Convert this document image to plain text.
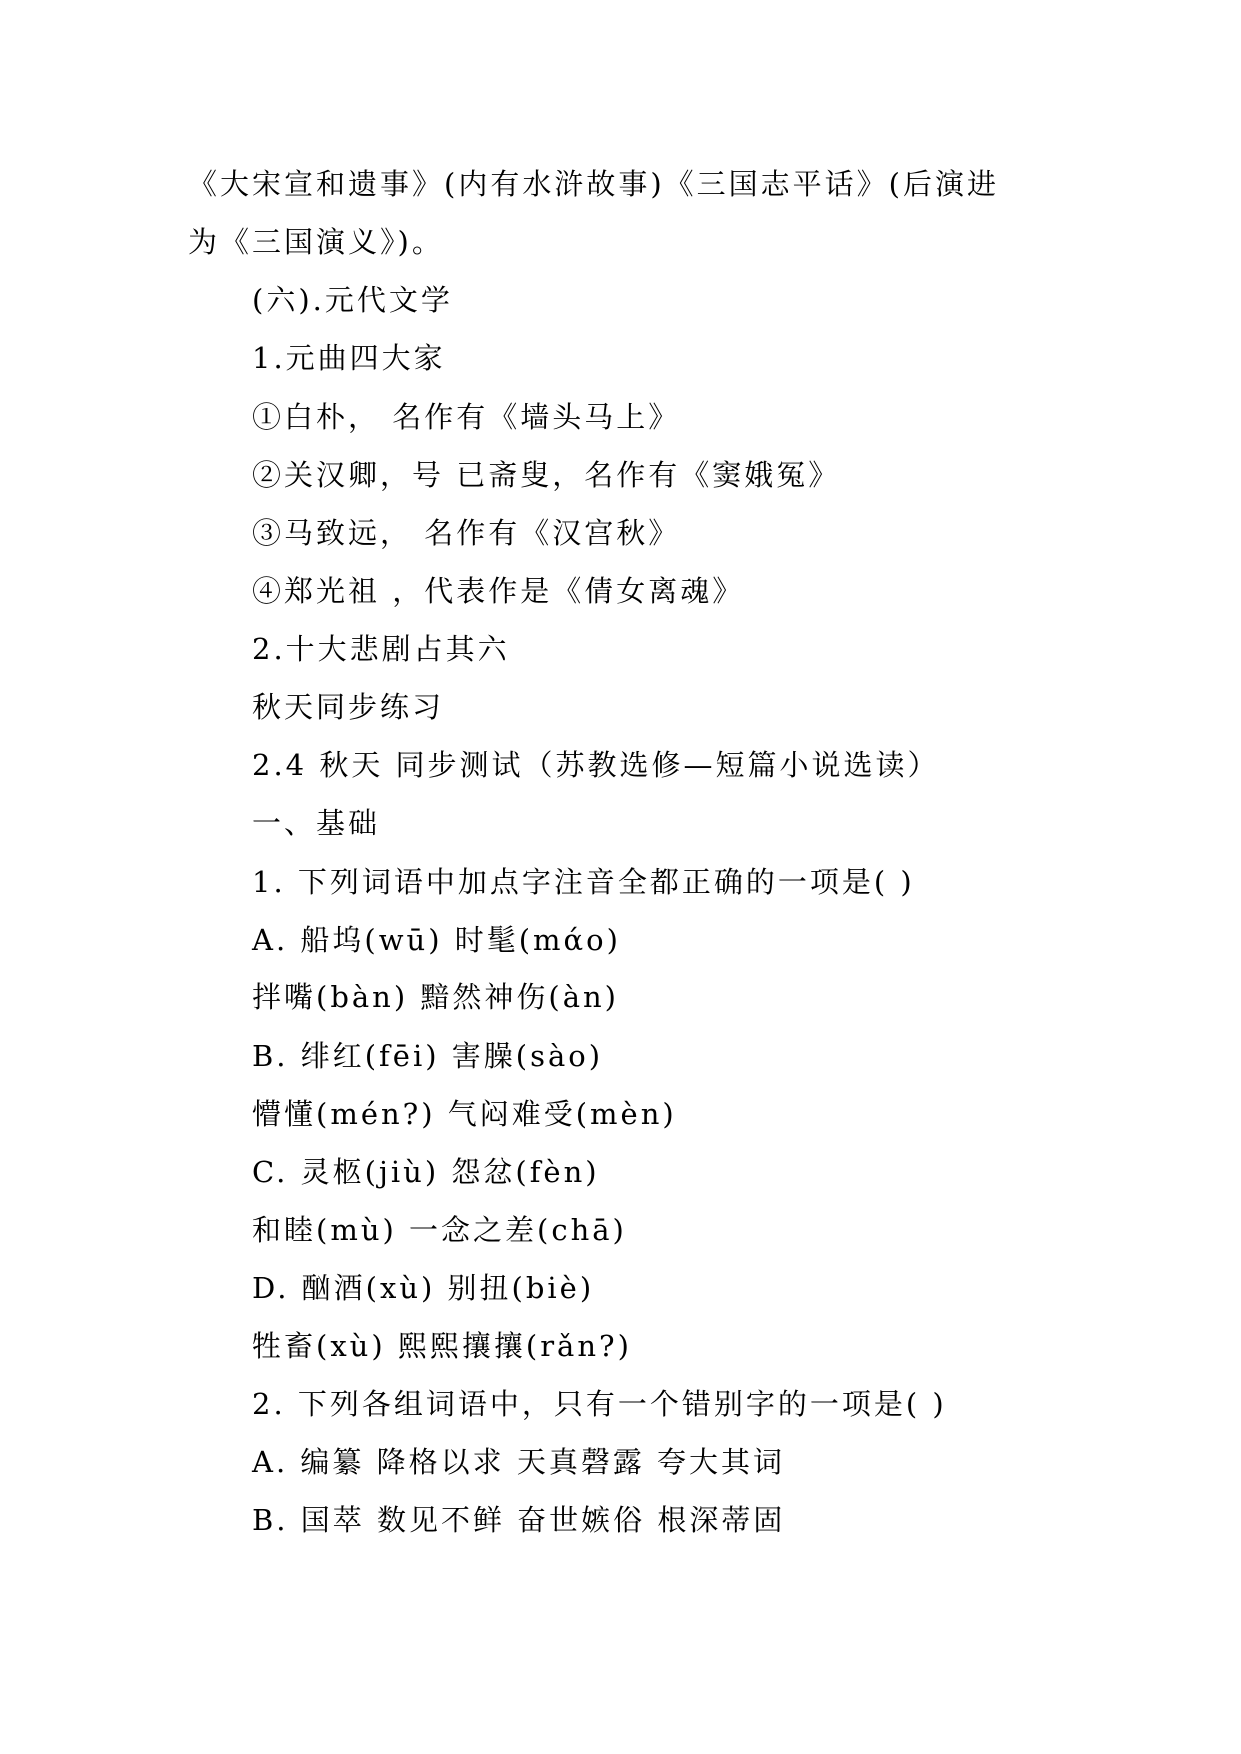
《大宋宣和遗事》(内有水浒故事)《三国志平话》(后演进
为《三国演义》)。
(六).元代文学
1.元曲四大家
①白朴， 名作有《墙头马上》
②关汉卿，号 已斋叟，名作有《窦娥冤》
③马致远， 名作有《汉宫秋》
④郑光祖 ，代表作是《倩女离魂》
2.十大悲剧占其六
秋天同步练习
2.4 秋天 同步测试（苏教选修—短篇小说选读）
一、基础
1. 下列词语中加点字注音全都正确的一项是( )
A. 船坞(wū) 时髦(mάo)
拌嘴(bàn) 黯然神伤(àn)
B. 绯红(fēi) 害臊(sào)
懵懂(mén?) 气闷难受(mèn)
C. 灵柩(jiù) 怨忿(fèn)
和睦(mù) 一念之差(chā)
D. 酗酒(xù) 别扭(biè)
牲畜(xù) 熙熙攘攘(rǎn?)
2. 下列各组词语中，只有一个错别字的一项是( )
A. 编纂 降格以求 天真磬露 夸大其词
B. 国萃 数见不鲜 奋世嫉俗 根深蒂固
